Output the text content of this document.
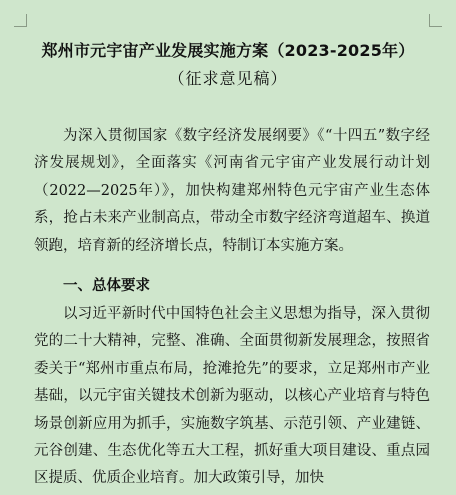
郑州市元宇宙产业发展实施方案（2023-2025年）
（征求意见稿）
为深入贯彻国家《数字经济发展纲要》《“十四五”数字经济发展规划》，全面落实《河南省元宇宙产业发展行动计划（2022—2025年）》，加快构建郑州特色元宇宙产业生态体系，抢占未来产业制高点，带动全市数字经济弯道超车、换道领跑，培育新的经济增长点，特制订本实施方案。
一、总体要求
以习近平新时代中国特色社会主义思想为指导，深入贯彻党的二十大精神，完整、准确、全面贯彻新发展理念，按照省委关于“郑州市重点布局，抢滩抢先”的要求，立足郑州市产业基础，以元宇宙关键技术创新为驱动，以核心产业培育与特色场景创新应用为抓手，实施数字筑基、示范引领、产业建链、元谷创建、生态优化等五大工程，抓好重大项目建设、重点园区提质、优质企业培育。加大政策引导，加快
